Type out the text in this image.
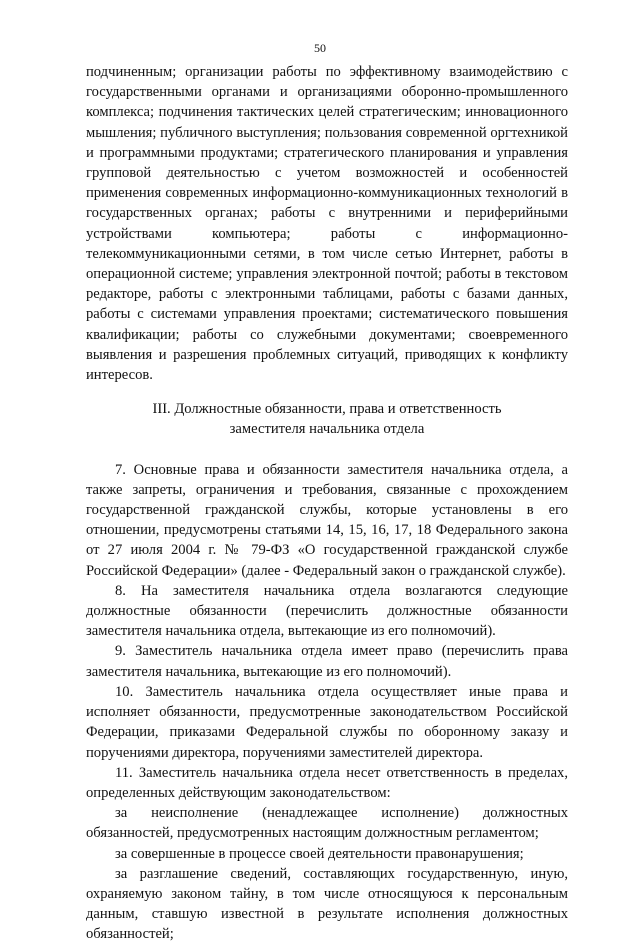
50

подчиненным; организации работы по эффективному взаимодействию с государственными органами и организациями оборонно-промышленного комплекса; подчинения тактических целей стратегическим; инновационного мышления; публичного выступления; пользования современной оргтехникой и программными продуктами; стратегического планирования и управления групповой деятельностью с учетом возможностей и особенностей применения современных информационно-коммуникационных технологий в государственных органах; работы с внутренними и периферийными устройствами компьютера; работы с информационно-телекоммуникационными сетями, в том числе сетью Интернет, работы в операционной системе; управления электронной почтой; работы в текстовом редакторе, работы с электронными таблицами, работы с базами данных, работы с системами управления проектами; систематического повышения квалификации; работы со служебными документами; своевременного выявления и разрешения проблемных ситуаций, приводящих к конфликту интересов.

III. Должностные обязанности, права и ответственность
заместителя начальника отдела

7. Основные права и обязанности заместителя начальника отдела, а также запреты, ограничения и требования, связанные с прохождением государственной гражданской службы, которые установлены в его отношении, предусмотрены статьями 14, 15, 16, 17, 18 Федерального закона от 27 июля 2004 г. № 79-ФЗ «О государственной гражданской службе Российской Федерации» (далее - Федеральный закон о гражданской службе).

8. На заместителя начальника отдела возлагаются следующие должностные обязанности (перечислить должностные обязанности заместителя начальника отдела, вытекающие из его полномочий).

9. Заместитель начальника отдела имеет право (перечислить права заместителя начальника, вытекающие из его полномочий).

10. Заместитель начальника отдела осуществляет иные права и исполняет обязанности, предусмотренные законодательством Российской Федерации, приказами Федеральной службы по оборонному заказу и поручениями директора, поручениями заместителей директора.

11. Заместитель начальника отдела несет ответственность в пределах, определенных действующим законодательством:

за неисполнение (ненадлежащее исполнение) должностных обязанностей, предусмотренных настоящим должностным регламентом;

за совершенные в процессе своей деятельности правонарушения;

за разглашение сведений, составляющих государственную, иную, охраняемую законом тайну, в том числе относящуюся к персональным данным, ставшую известной в результате исполнения должностных обязанностей;
